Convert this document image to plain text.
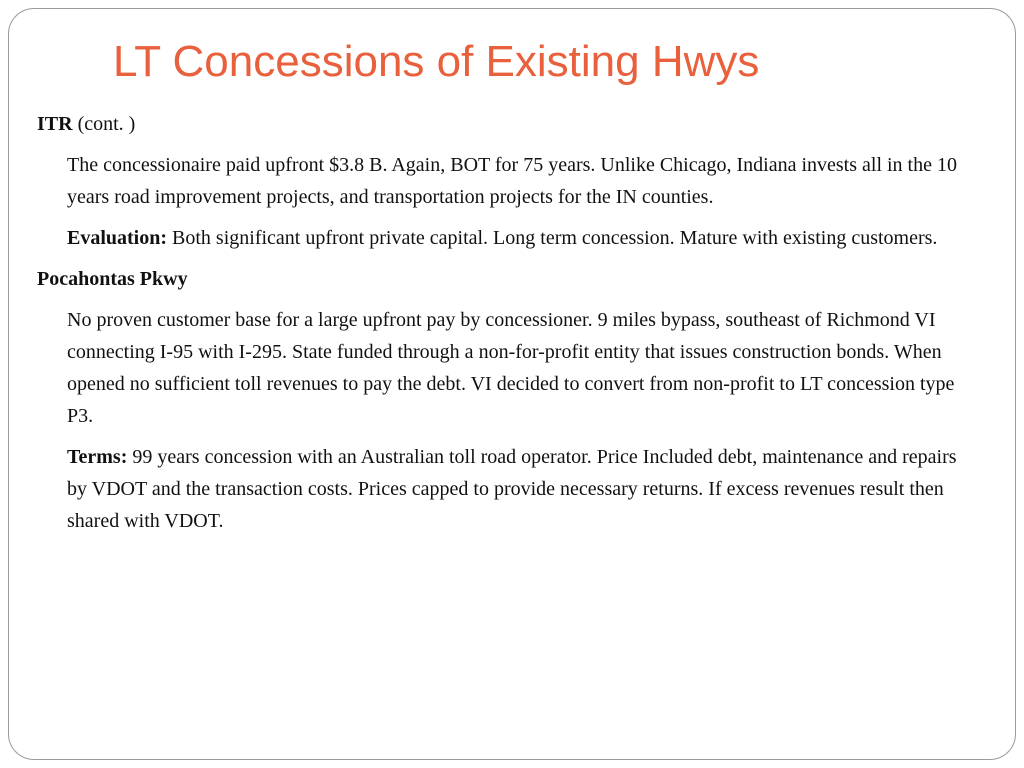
LT Concessions of Existing Hwys

ITR (cont. )

The concessionaire paid upfront $3.8 B. Again, BOT for 75 years. Unlike Chicago, Indiana invests all in the 10 years road improvement projects, and transportation projects for the IN counties.

Evaluation: Both significant upfront private capital. Long term concession. Mature with existing customers.

Pocahontas Pkwy

No proven customer base for a large upfront pay by concessioner. 9 miles bypass, southeast of Richmond VI connecting I-95 with I-295. State funded through a non-for-profit entity that issues construction bonds. When opened no sufficient toll revenues to pay the debt. VI decided to convert from non-profit to LT concession type P3.

Terms: 99 years concession with an Australian toll road operator. Price Included debt, maintenance and repairs by VDOT and the transaction costs. Prices capped to provide necessary returns. If excess revenues result then shared with VDOT.
